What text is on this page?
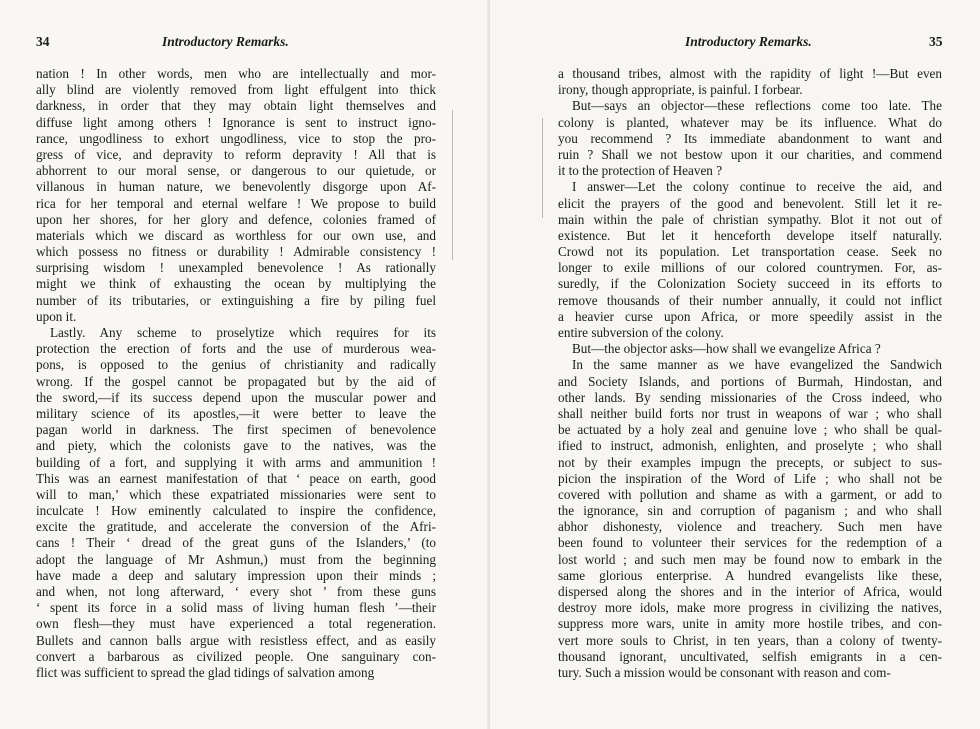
34	Introductory Remarks.
nation ! In other words, men who are intellectually and mor-
ally blind are violently removed from light effulgent into thick
darkness, in order that they may obtain light themselves and
diffuse light among others ! Ignorance is sent to instruct igno-
rance, ungodliness to exhort ungodliness, vice to stop the pro-
gress of vice, and depravity to reform depravity ! All that is
abhorrent to our moral sense, or dangerous to our quietude, or
villanous in human nature, we benevolently disgorge upon Af-
rica for her temporal and eternal welfare ! We propose to build
upon her shores, for her glory and defence, colonies framed of
materials which we discard as worthless for our own use, and
which possess no fitness or durability ! Admirable consistency !
surprising wisdom ! unexampled benevolence ! As rationally
might we think of exhausting the ocean by multiplying the
number of its tributaries, or extinguishing a fire by piling fuel
upon it.
Lastly. Any scheme to proselytize which requires for its
protection the erection of forts and the use of murderous wea-
pons, is opposed to the genius of christianity and radically
wrong. If the gospel cannot be propagated but by the aid of
the sword,—if its success depend upon the muscular power and
military science of its apostles,—it were better to leave the
pagan world in darkness. The first specimen of benevolence
and piety, which the colonists gave to the natives, was the
building of a fort, and supplying it with arms and ammunition !
This was an earnest manifestation of that ‘ peace on earth, good
will to man,’ which these expatriated missionaries were sent to
inculcate ! How eminently calculated to inspire the confidence,
excite the gratitude, and accelerate the conversion of the Afri-
cans ! Their ‘ dread of the great guns of the Islanders,’ (to
adopt the language of Mr Ashmun,) must from the beginning
have made a deep and salutary impression upon their minds ;
and when, not long afterward, ‘ every shot ’ from these guns
‘ spent its force in a solid mass of living human flesh ’—their
own flesh—they must have experienced a total regeneration.
Bullets and cannon balls argue with resistless effect, and as easily
convert a barbarous as civilized people. One sanguinary con-
flict was sufficient to spread the glad tidings of salvation among
Introductory Remarks.	35
a thousand tribes, almost with the rapidity of light !—But even
irony, though appropriate, is painful. I forbear.
But—says an objector—these reflections come too late. The
colony is planted, whatever may be its influence. What do
you recommend ? Its immediate abandonment to want and
ruin ? Shall we not bestow upon it our charities, and commend
it to the protection of Heaven ?
I answer—Let the colony continue to receive the aid, and
elicit the prayers of the good and benevolent. Still let it re-
main within the pale of christian sympathy. Blot it not out of
existence. But let it henceforth develope itself naturally.
Crowd not its population. Let transportation cease. Seek no
longer to exile millions of our colored countrymen. For, as-
suredly, if the Colonization Society succeed in its efforts to
remove thousands of their number annually, it could not inflict
a heavier curse upon Africa, or more speedily assist in the
entire subversion of the colony.
But—the objector asks—how shall we evangelize Africa ?
In the same manner as we have evangelized the Sandwich
and Society Islands, and portions of Burmah, Hindostan, and
other lands. By sending missionaries of the Cross indeed, who
shall neither build forts nor trust in weapons of war ; who shall
be actuated by a holy zeal and genuine love ; who shall be qual-
ified to instruct, admonish, enlighten, and proselyte ; who shall
not by their examples impugn the precepts, or subject to sus-
picion the inspiration of the Word of Life ; who shall not be
covered with pollution and shame as with a garment, or add to
the ignorance, sin and corruption of paganism ; and who shall
abhor dishonesty, violence and treachery. Such men have
been found to volunteer their services for the redemption of a
lost world ; and such men may be found now to embark in the
same glorious enterprise. A hundred evangelists like these,
dispersed along the shores and in the interior of Africa, would
destroy more idols, make more progress in civilizing the natives,
suppress more wars, unite in amity more hostile tribes, and con-
vert more souls to Christ, in ten years, than a colony of twenty-
thousand ignorant, uncultivated, selfish emigrants in a cen-
tury. Such a mission would be consonant with reason and com-
